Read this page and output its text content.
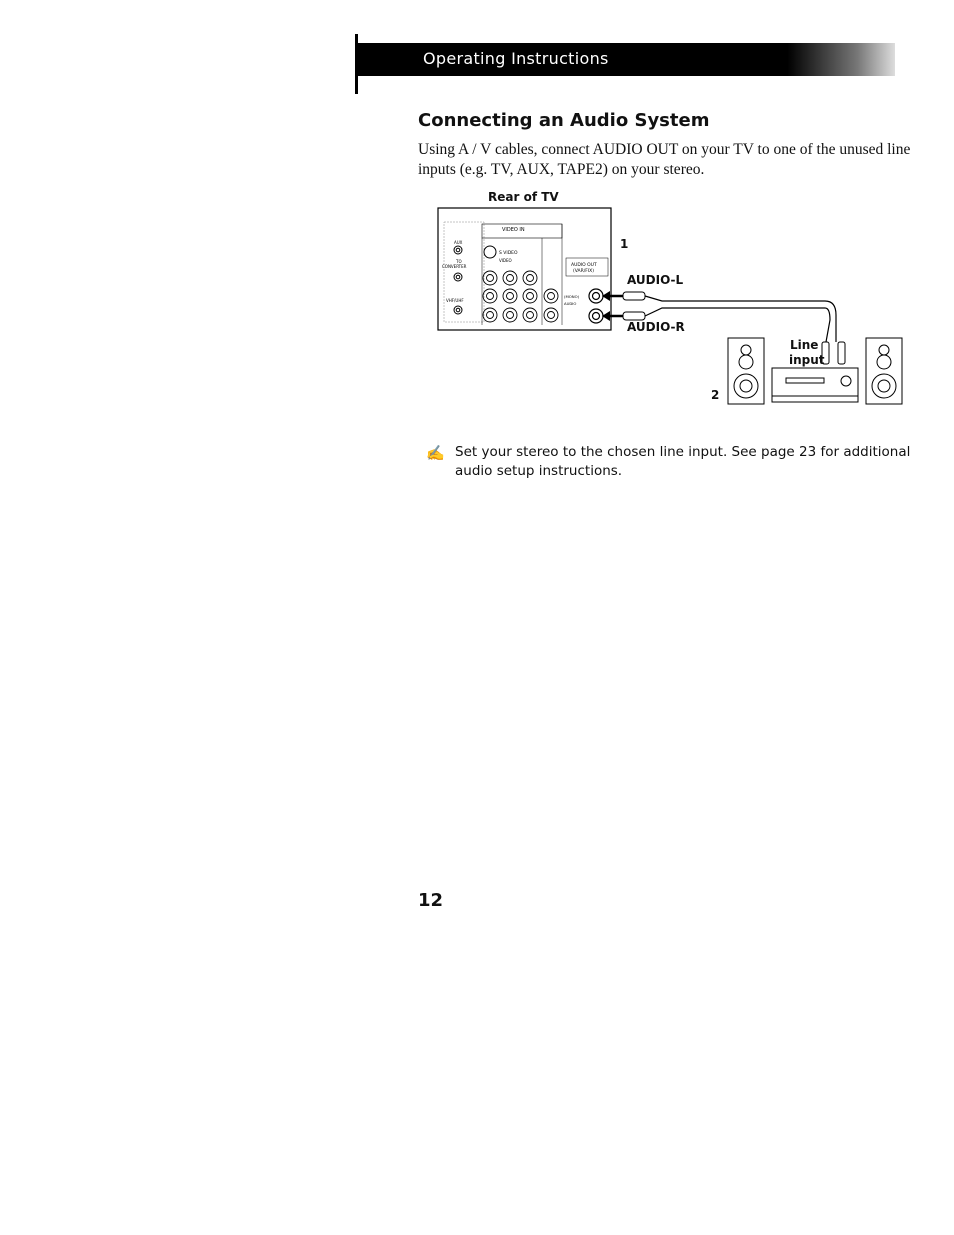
Operating Instructions
Connecting an Audio System
Using A / V cables, connect AUDIO OUT on your TV to one of the unused line inputs (e.g. TV, AUX, TAPE2) on your stereo.
Rear of TV
VIDEO IN
AUX
TO
CONVERTER
VHF/UHF
S VIDEO
VIDEO
(MONO)
AUDIO
AUDIO OUT
(VAR/FIX)
1
AUDIO-L
AUDIO-R
Line
input
2
✍ Set your stereo to the chosen line input. See page 23 for additional audio setup instructions.
12
